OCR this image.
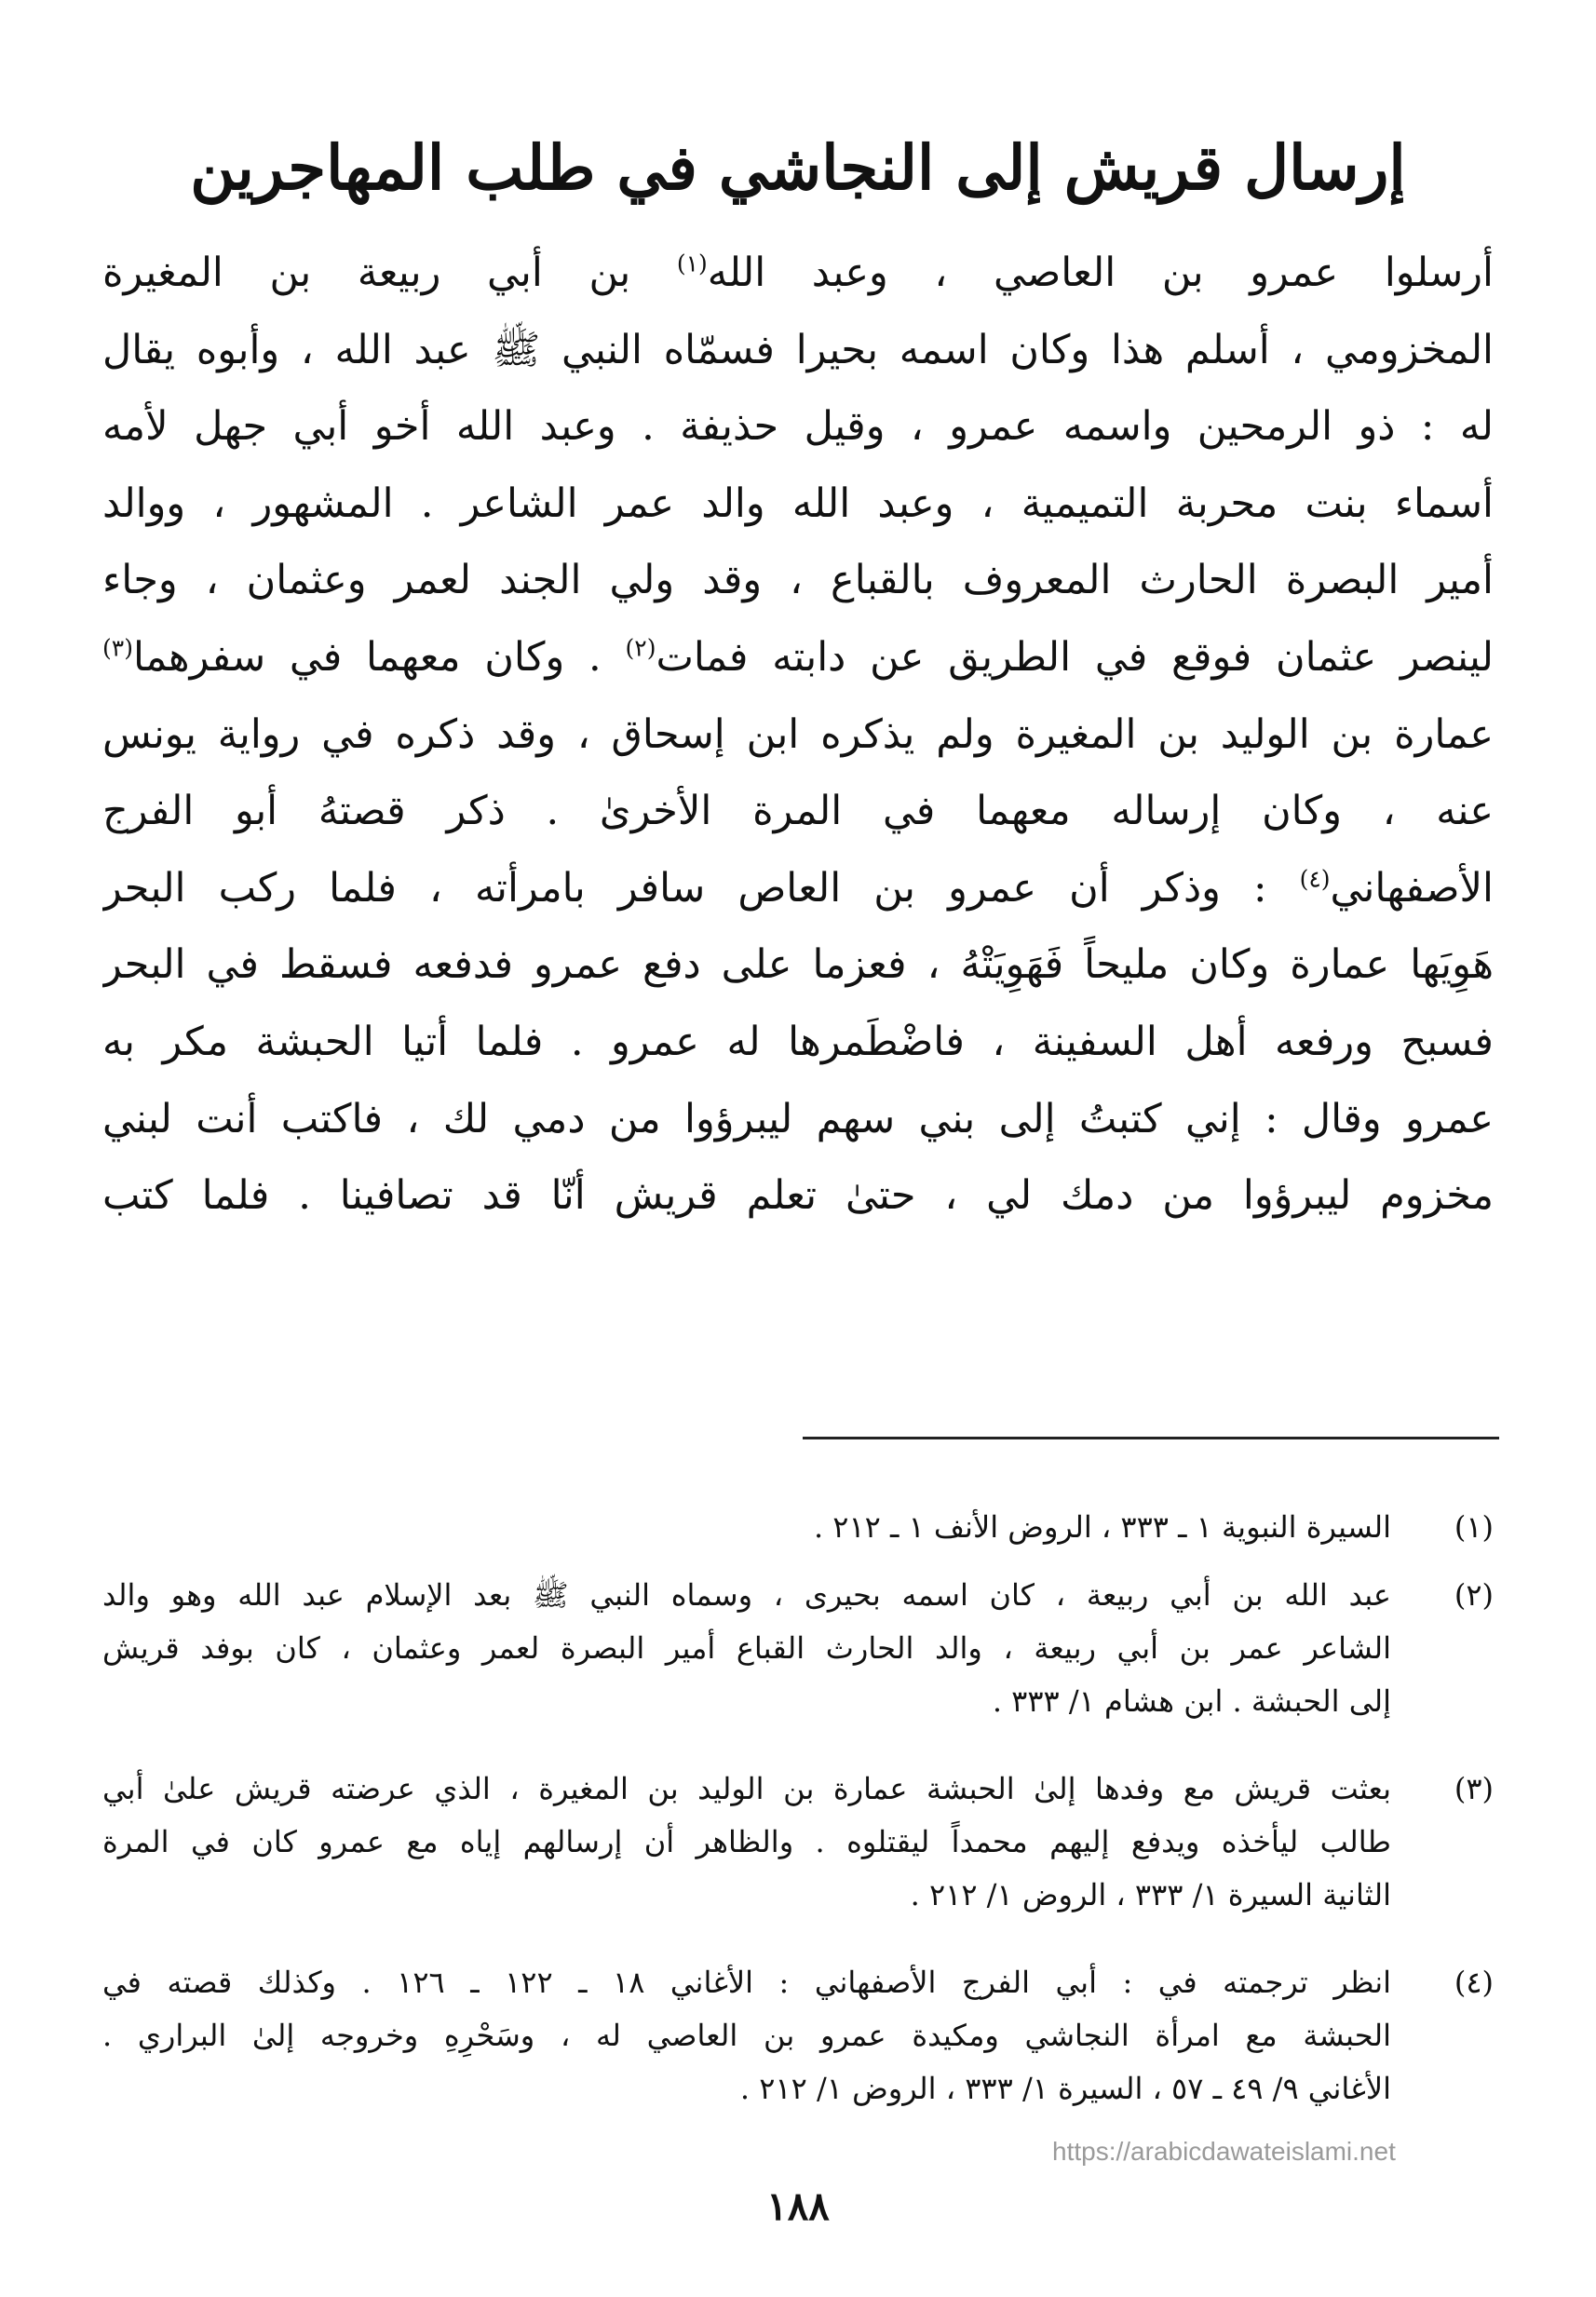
إرسال قريش إلى النجاشي في طلب المهاجرين
أرسلوا عمرو بن العاصي ، وعبد الله$^{(١)}$ بن أبي ربيعة بن المغيرة
المخزومي ، أسلم هذا وكان اسمه بحيرا فسمّاه النبي ﷺ عبد الله ، وأبوه يقال
له : ذو الرمحين واسمه عمرو ، وقيل حذيفة . وعبد الله أخو أبي جهل لأمه
أسماء بنت محربة التميمية ، وعبد الله والد عمر الشاعر . المشهور ، ووالد
أمير البصرة الحارث المعروف بالقباع ، وقد ولي الجند لعمر وعثمان ، وجاء
لينصر عثمان فوقع في الطريق عن دابته فمات$^{(٢)}$ . وكان معهما في سفرهما$^{(٣)}$
عمارة بن الوليد بن المغيرة ولم يذكره ابن إسحاق ، وقد ذكره في رواية يونس
عنه ، وكان إرساله معهما في المرة الأخرىٰ . ذكر قصتهُ أبو الفرج
الأصفهاني$^{(٤)}$ : وذكر أن عمرو بن العاص سافر بامرأته ، فلما ركب البحر
هَوِيَها عمارة وكان مليحاً فَهَوِيَتْهُ ، فعزما على دفع عمرو فدفعه فسقط في البحر
فسبح ورفعه أهل السفينة ، فاضْطَمرها له عمرو . فلما أتيا الحبشة مكر به
عمرو وقال : إني كتبتُ إلى بني سهم ليبرؤوا من دمي لك ، فاكتب أنت لبني
مخزوم ليبرؤوا من دمك لي ، حتىٰ تعلم قريش أنّا قد تصافينا . فلما كتب
(١)
السيرة النبوية ١ ـ ٣٣٣ ، الروض الأنف ١ ـ ٢١٢ .
(٢)
عبد الله بن أبي ربيعة ، كان اسمه بحيرى ، وسماه النبي ﷺ بعد الإسلام عبد الله وهو والد
الشاعر عمر بن أبي ربيعة ، والد الحارث القباع أمير البصرة لعمر وعثمان ، كان بوفد قريش
إلى الحبشة . ابن هشام ١/ ٣٣٣ .
(٣)
بعثت قريش مع وفدها إلىٰ الحبشة عمارة بن الوليد بن المغيرة ، الذي عرضته قريش علىٰ أبي
طالب ليأخذه ويدفع إليهم محمداً ليقتلوه . والظاهر أن إرسالهم إياه مع عمرو كان في المرة
الثانية السيرة ١/ ٣٣٣ ، الروض ١/ ٢١٢ .
(٤)
انظر ترجمته في : أبي الفرج الأصفهاني : الأغاني ١٨ ـ ١٢٢ ـ ١٢٦ . وكذلك قصته في
الحبشة مع امرأة النجاشي ومكيدة عمرو بن العاصي له ، وسَحْرِهِ وخروجه إلىٰ البراري .
الأغاني ٩/ ٤٩ ـ ٥٧ ، السيرة ١/ ٣٣٣ ، الروض ١/ ٢١٢ .
https://arabicdawateislami.net
١٨٨
